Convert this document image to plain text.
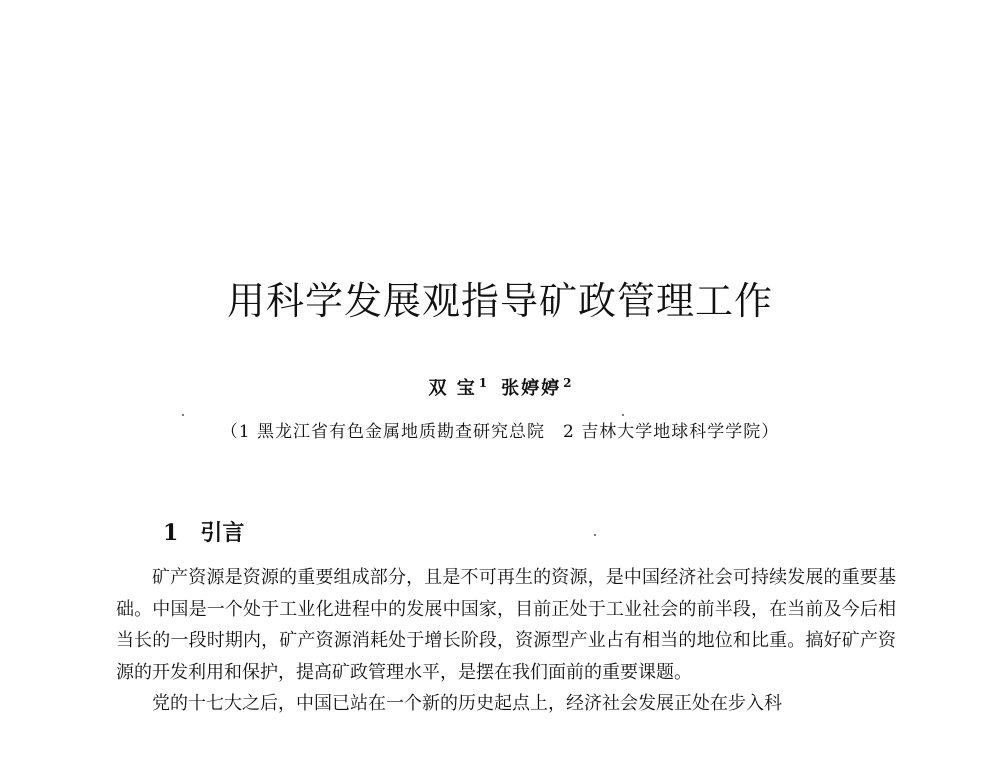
用科学发展观指导矿政管理工作
双 宝 $^1$ 张婷婷 $^2$
（1 黑龙江省有色金属地质勘查研究总院 2 吉林大学地球科学学院）
1 引言

矿产资源是资源的重要组成部分，且是不可再生的资源，是中国经济社会可持续发展的重要基础。中国是一个处于工业化进程中的发展中国家，目前正处于工业社会的前半段，在当前及今后相当长的一段时期内，矿产资源消耗处于增长阶段，资源型产业占有相当的地位和比重。搞好矿产资源的开发利用和保护，提高矿政管理水平，是摆在我们面前的重要课题。

党的十七大之后，中国已站在一个新的历史起点上，经济社会发展正处在步入科
